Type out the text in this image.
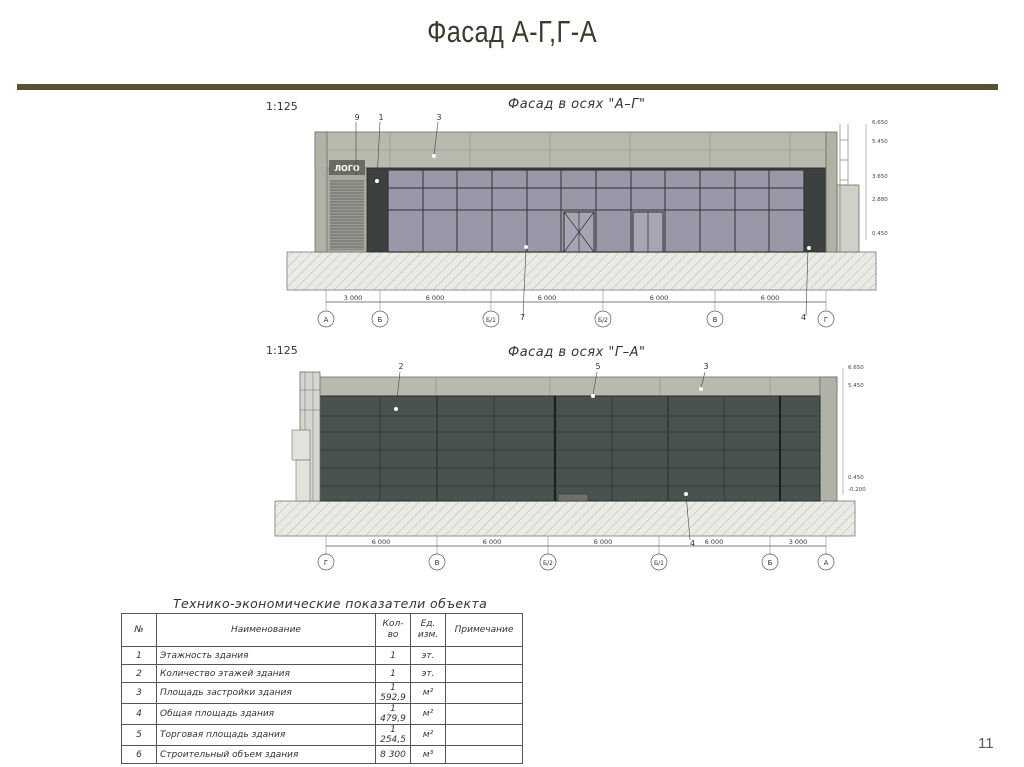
Фасад А-Г,Г-А
1:125	Фасад в осях "А–Г"
ЛОГО
9 1	3
7	4
6.650
5.450
3.650
2.880
0.450
3 000	6 000	6 000	6 000	6 000
А	Б	Б/1	Б/2	В	Г
1:125	Фасад в осях "Г–А"
2	5	3
4
6.650
5.450
0.450
-0.200
6 000	6 000	6 000	6 000	3 000
Г	В	Б/2	Б/1	Б	А
Технико-экономические показатели объекта
№	Наименование	Кол-во	Ед. изм.	Примечание
1	Этажность здания	1	эт.	
2	Количество этажей здания	1	эт.	
3	Площадь застройки здания	1 592,9	м²	
4	Общая площадь здания	1 479,9	м²	
5	Торговая площадь здания	1 254,5	м²	
6	Строительный объем здания	8 300	м³	
11
